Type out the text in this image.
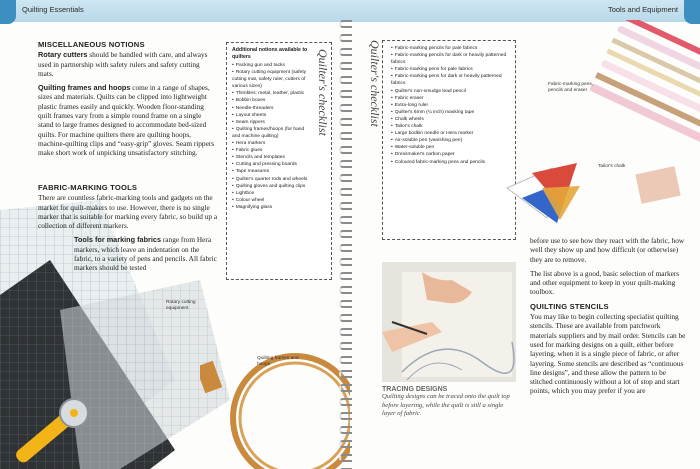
Quilting Essentials
MISCELLANEOUS NOTIONS

Rotary cutters should be handled with care, and always used in partnership with safety rulers and safety cutting mats.

Quilting frames and hoops come in a range of shapes, sizes and materials. Quilts can be clipped into lightweight plastic frames easily and quickly. Wooden floor-standing quilt frames vary from a simple round frame on a single stand to large frames designed to accommodate bed-sized quilts. For machine quilters there are quilting hoops, machine-quilting clips and “easy-grip” gloves. Seam rippers make short work of unpicking unsatisfactory stitching.

FABRIC-MARKING TOOLS

There are countless fabric-marking tools and gadgets on the market for quilt-makers to use. However, there is no single marker that is suitable for marking every fabric, so build up a collection of different markers.

Tools for marking fabrics range from Hera markers, which leave an indentation on the fabric, to a variety of pens and pencils. All fabric markers should be tested

Additional notions available to quilters
• Packing gun and tacks
• Rotary cutting equipment (safety cutting mat, safety ruler, cutters of various sizes)
• Thimbles: metal, leather, plastic
• Bobbin boxes
• Needle-threaders
• Layout sheets
• Seam rippers
• Quilting frames/hoops (for hand and machine quilting)
• Hera markers
• Fabric glues
• Stencils and templates
• Cutting and pressing boards
• Tape measures
• Quilter's quarter rods and wheels
• Quilting gloves and quilting clips
• Lightbox
• Colour wheel
• Magnifying glass
Quilter's checklist
Rotary cutting equipment
Quilting frames and hoops
Tools and Equipment
• Fabric-marking pencils for pale fabrics
• Fabric-marking pencils for dark or heavily patterned fabrics
• Fabric-marking pens for pale fabrics
• Fabric-marking pens for dark or heavily patterned fabrics
• Quilter's non-smudge lead pencil
• Fabric eraser
• Extra-long ruler
• Quilter's 6mm (¼ inch) masking tape
• Chalk wheels
• Tailor's chalk
• Large bodkin needle or Hera marker
• Air-soluble pen (vanishing pen)
• Water-soluble pen
• Dressmaker's carbon paper
• Coloured fabric-marking pens and pencils
Quilter's checklist	Fabric-marking pens, pencils and eraser
Tailor's chalk
TRACING DESIGNS
Quilting designs can be traced onto the quilt top before layering, while the quilt is still a single layer of fabric.

before use to see how they react with the fabric, how well they show up and how difficult (or otherwise) they are to remove.

The list above is a good, basic selection of markers and other equipment to keep in your quilt-making toolbox.

QUILTING STENCILS

You may like to begin collecting specialist quilting stencils. These are available from patchwork materials suppliers and by mail order. Stencils can be used for marking designs on a quilt, either before layering, when it is a single piece of fabric, or after layering. Some stencils are described as “continuous line designs”, and these allow the pattern to be stitched continuously without a lot of stop and start points, which you may prefer if you are
